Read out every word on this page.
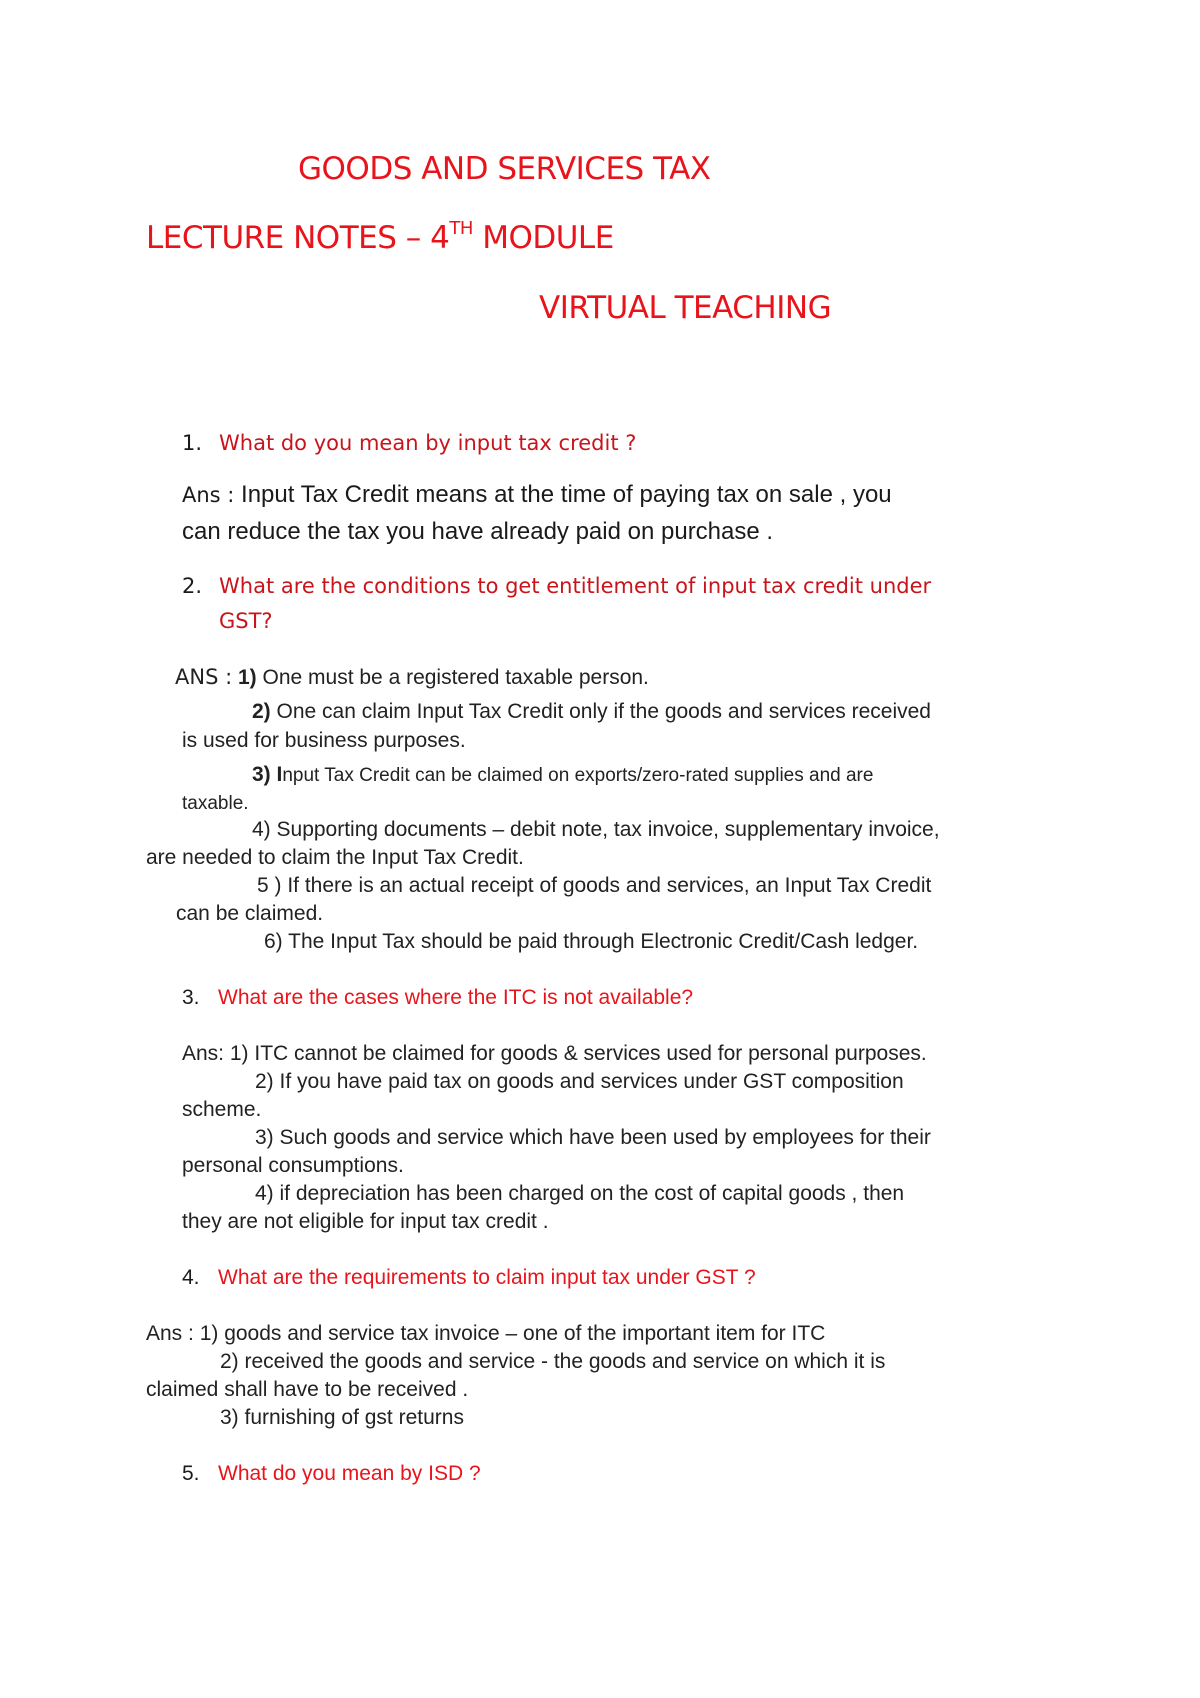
GOODS AND SERVICES TAX
LECTURE NOTES – 4TH MODULE
VIRTUAL TEACHING
1. What do you mean by input tax credit ?
Ans : Input Tax Credit means at the time of paying tax on sale , you
can reduce the tax you have already paid on purchase .
2. What are the conditions to get entitlement of input tax credit under
GST?
ANS : 1) One must be a registered taxable person.
2) One can claim Input Tax Credit only if the goods and services received
is used for business purposes.
3) Input Tax Credit can be claimed on exports/zero-rated supplies and are
taxable.
4) Supporting documents – debit note, tax invoice, supplementary invoice,
are needed to claim the Input Tax Credit.
5 ) If there is an actual receipt of goods and services, an Input Tax Credit
can be claimed.
6) The Input Tax should be paid through Electronic Credit/Cash ledger.
3. What are the cases where the ITC is not available?
Ans: 1) ITC cannot be claimed for goods & services used for personal purposes.
2) If you have paid tax on goods and services under GST composition
scheme.
3) Such goods and service which have been used by employees for their
personal consumptions.
4) if depreciation has been charged on the cost of capital goods , then
they are not eligible for input tax credit .
4. What are the requirements to claim input tax under GST ?
Ans : 1) goods and service tax invoice – one of the important item for ITC
2) received the goods and service - the goods and service on which it is
claimed shall have to be received .
3) furnishing of gst returns
5. What do you mean by ISD ?
